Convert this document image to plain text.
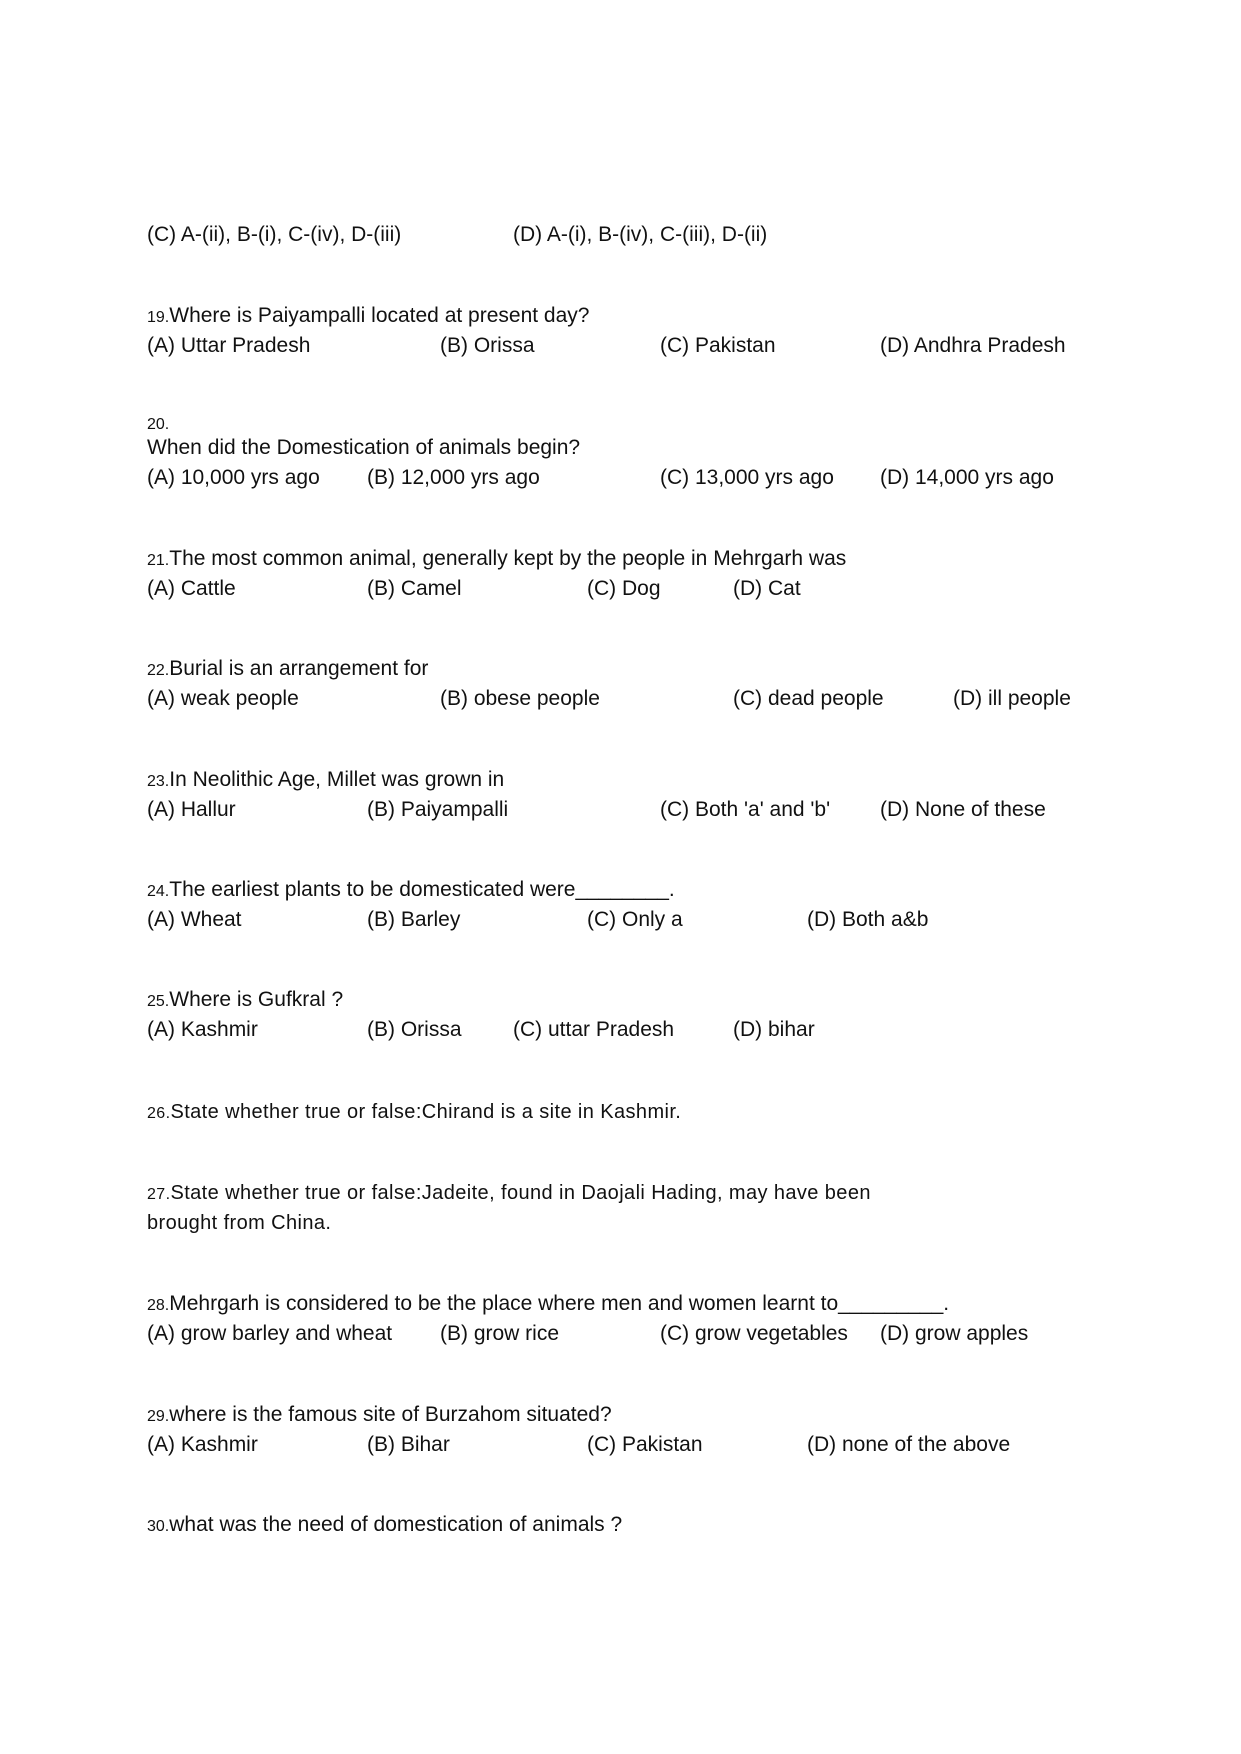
(C) A-(ii), B-(i), C-(iv), D-(iii)	(D) A-(i), B-(iv), C-(iii), D-(ii)
19.Where is Paiyampalli located at present day?
(A) Uttar Pradesh	(B) Orissa	(C) Pakistan	(D) Andhra Pradesh
20.
When did the Domestication of animals begin?
(A) 10,000 yrs ago (B) 12,000 yrs ago	(C) 13,000 yrs ago (D) 14,000 yrs ago
21.The most common animal, generally kept by the people in Mehrgarh was
(A) Cattle	(B) Camel	(C) Dog	(D) Cat
22.Burial is an arrangement for
(A) weak people	(B) obese people	(C) dead people	(D) ill people
23.In Neolithic Age, Millet was grown in
(A) Hallur	(B) Paiyampalli	(C) Both 'a' and 'b' (D) None of these
24.The earliest plants to be domesticated were________.
(A) Wheat	(B) Barley	(C) Only a	(D) Both a&b
25.Where is Gufkral ?
(A) Kashmir	(B) Orissa (C) uttar Pradesh	(D) bihar
26.State whether true or false:Chirand is a site in Kashmir.
27.State whether true or false:Jadeite, found in Daojali Hading, may have been
brought from China.
28.Mehrgarh is considered to be the place where men and women learnt to_________.
(A) grow barley and wheat (B) grow rice	(C) grow vegetables (D) grow apples
29.where is the famous site of Burzahom situated?
(A) Kashmir	(B) Bihar	(C) Pakistan	(D) none of the above
30.what was the need of domestication of animals ?
